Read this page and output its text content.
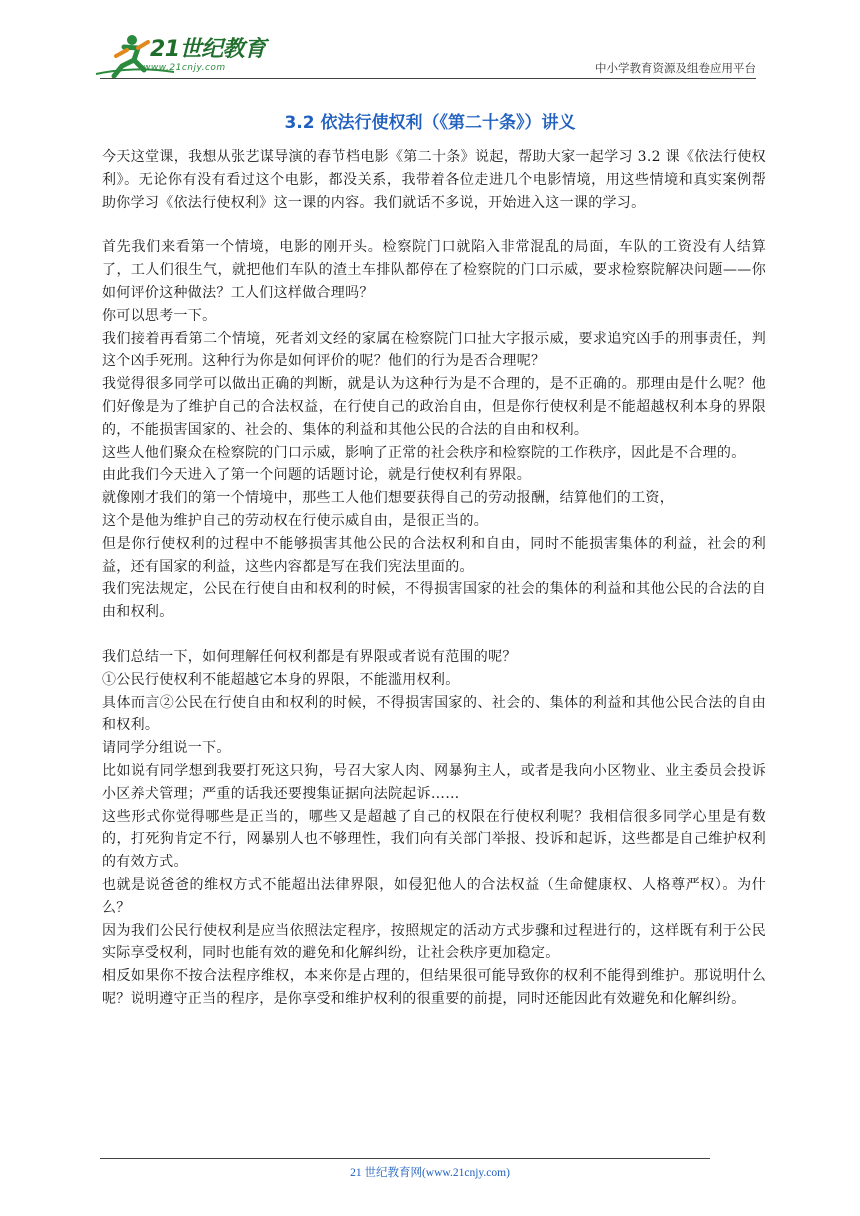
21世纪教育
www.21cnjy.com	中小学教育资源及组卷应用平台
3.2 依法行使权利（《第二十条》）讲义

今天这堂课，我想从张艺谋导演的春节档电影《第二十条》说起，帮助大家一起学习 3.2 课《依法行使权利》。无论你有没有看过这个电影，都没关系，我带着各位走进几个电影情境，用这些情境和真实案例帮助你学习《依法行使权利》这一课的内容。我们就话不多说，开始进入这一课的学习。

首先我们来看第一个情境，电影的刚开头。检察院门口就陷入非常混乱的局面，车队的工资没有人结算了，工人们很生气，就把他们车队的渣土车排队都停在了检察院的门口示威，要求检察院解决问题——你如何评价这种做法？工人们这样做合理吗？

你可以思考一下。

我们接着再看第二个情境，死者刘文经的家属在检察院门口扯大字报示威，要求追究凶手的刑事责任，判这个凶手死刑。这种行为你是如何评价的呢？他们的行为是否合理呢？

我觉得很多同学可以做出正确的判断，就是认为这种行为是不合理的，是不正确的。那理由是什么呢？他们好像是为了维护自己的合法权益，在行使自己的政治自由，但是你行使权利是不能超越权利本身的界限的，不能损害国家的、社会的、集体的利益和其他公民的合法的自由和权利。

这些人他们聚众在检察院的门口示威，影响了正常的社会秩序和检察院的工作秩序，因此是不合理的。

由此我们今天进入了第一个问题的话题讨论，就是行使权利有界限。

就像刚才我们的第一个情境中，那些工人他们想要获得自己的劳动报酬，结算他们的工资，

这个是他为维护自己的劳动权在行使示威自由，是很正当的。

但是你行使权利的过程中不能够损害其他公民的合法权利和自由，同时不能损害集体的利益，社会的利益，还有国家的利益，这些内容都是写在我们宪法里面的。

我们宪法规定，公民在行使自由和权利的时候，不得损害国家的社会的集体的利益和其他公民的合法的自由和权利。

我们总结一下，如何理解任何权利都是有界限或者说有范围的呢？

①公民行使权利不能超越它本身的界限，不能滥用权利。

具体而言②公民在行使自由和权利的时候，不得损害国家的、社会的、集体的利益和其他公民合法的自由和权利。

请同学分组说一下。

比如说有同学想到我要打死这只狗，号召大家人肉、网暴狗主人，或者是我向小区物业、业主委员会投诉小区养犬管理；严重的话我还要搜集证据向法院起诉……

这些形式你觉得哪些是正当的，哪些又是超越了自己的权限在行使权利呢？我相信很多同学心里是有数的，打死狗肯定不行，网暴别人也不够理性，我们向有关部门举报、投诉和起诉，这些都是自己维护权利的有效方式。

也就是说爸爸的维权方式不能超出法律界限，如侵犯他人的合法权益（生命健康权、人格尊严权）。为什么？

因为我们公民行使权利是应当依照法定程序，按照规定的活动方式步骤和过程进行的，这样既有利于公民实际享受权利，同时也能有效的避免和化解纠纷，让社会秩序更加稳定。

相反如果你不按合法程序维权，本来你是占理的，但结果很可能导致你的权利不能得到维护。那说明什么呢？说明遵守正当的程序，是你享受和维护权利的很重要的前提，同时还能因此有效避免和化解纠纷。

21 世纪教育网(www.21cnjy.com)
